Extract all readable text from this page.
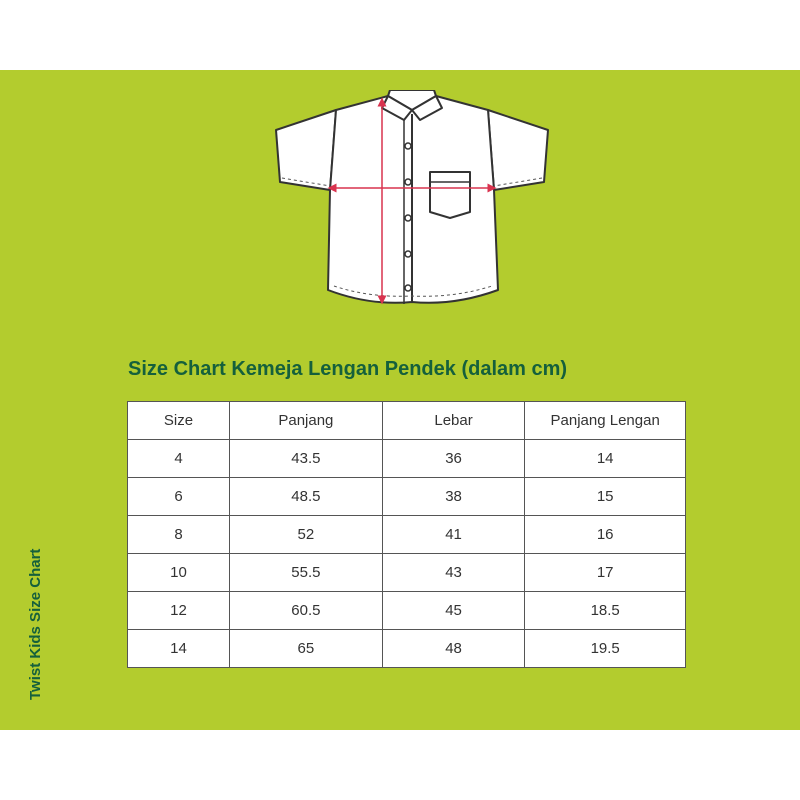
Size Chart Kemeja Lengan Pendek (dalam cm)
Size	Panjang	Lebar	Panjang Lengan
4	43.5	36	14
6	48.5	38	15
8	52	41	16
10	55.5	43	17
12	60.5	45	18.5
14	65	48	19.5
Twist Kids Size Chart
